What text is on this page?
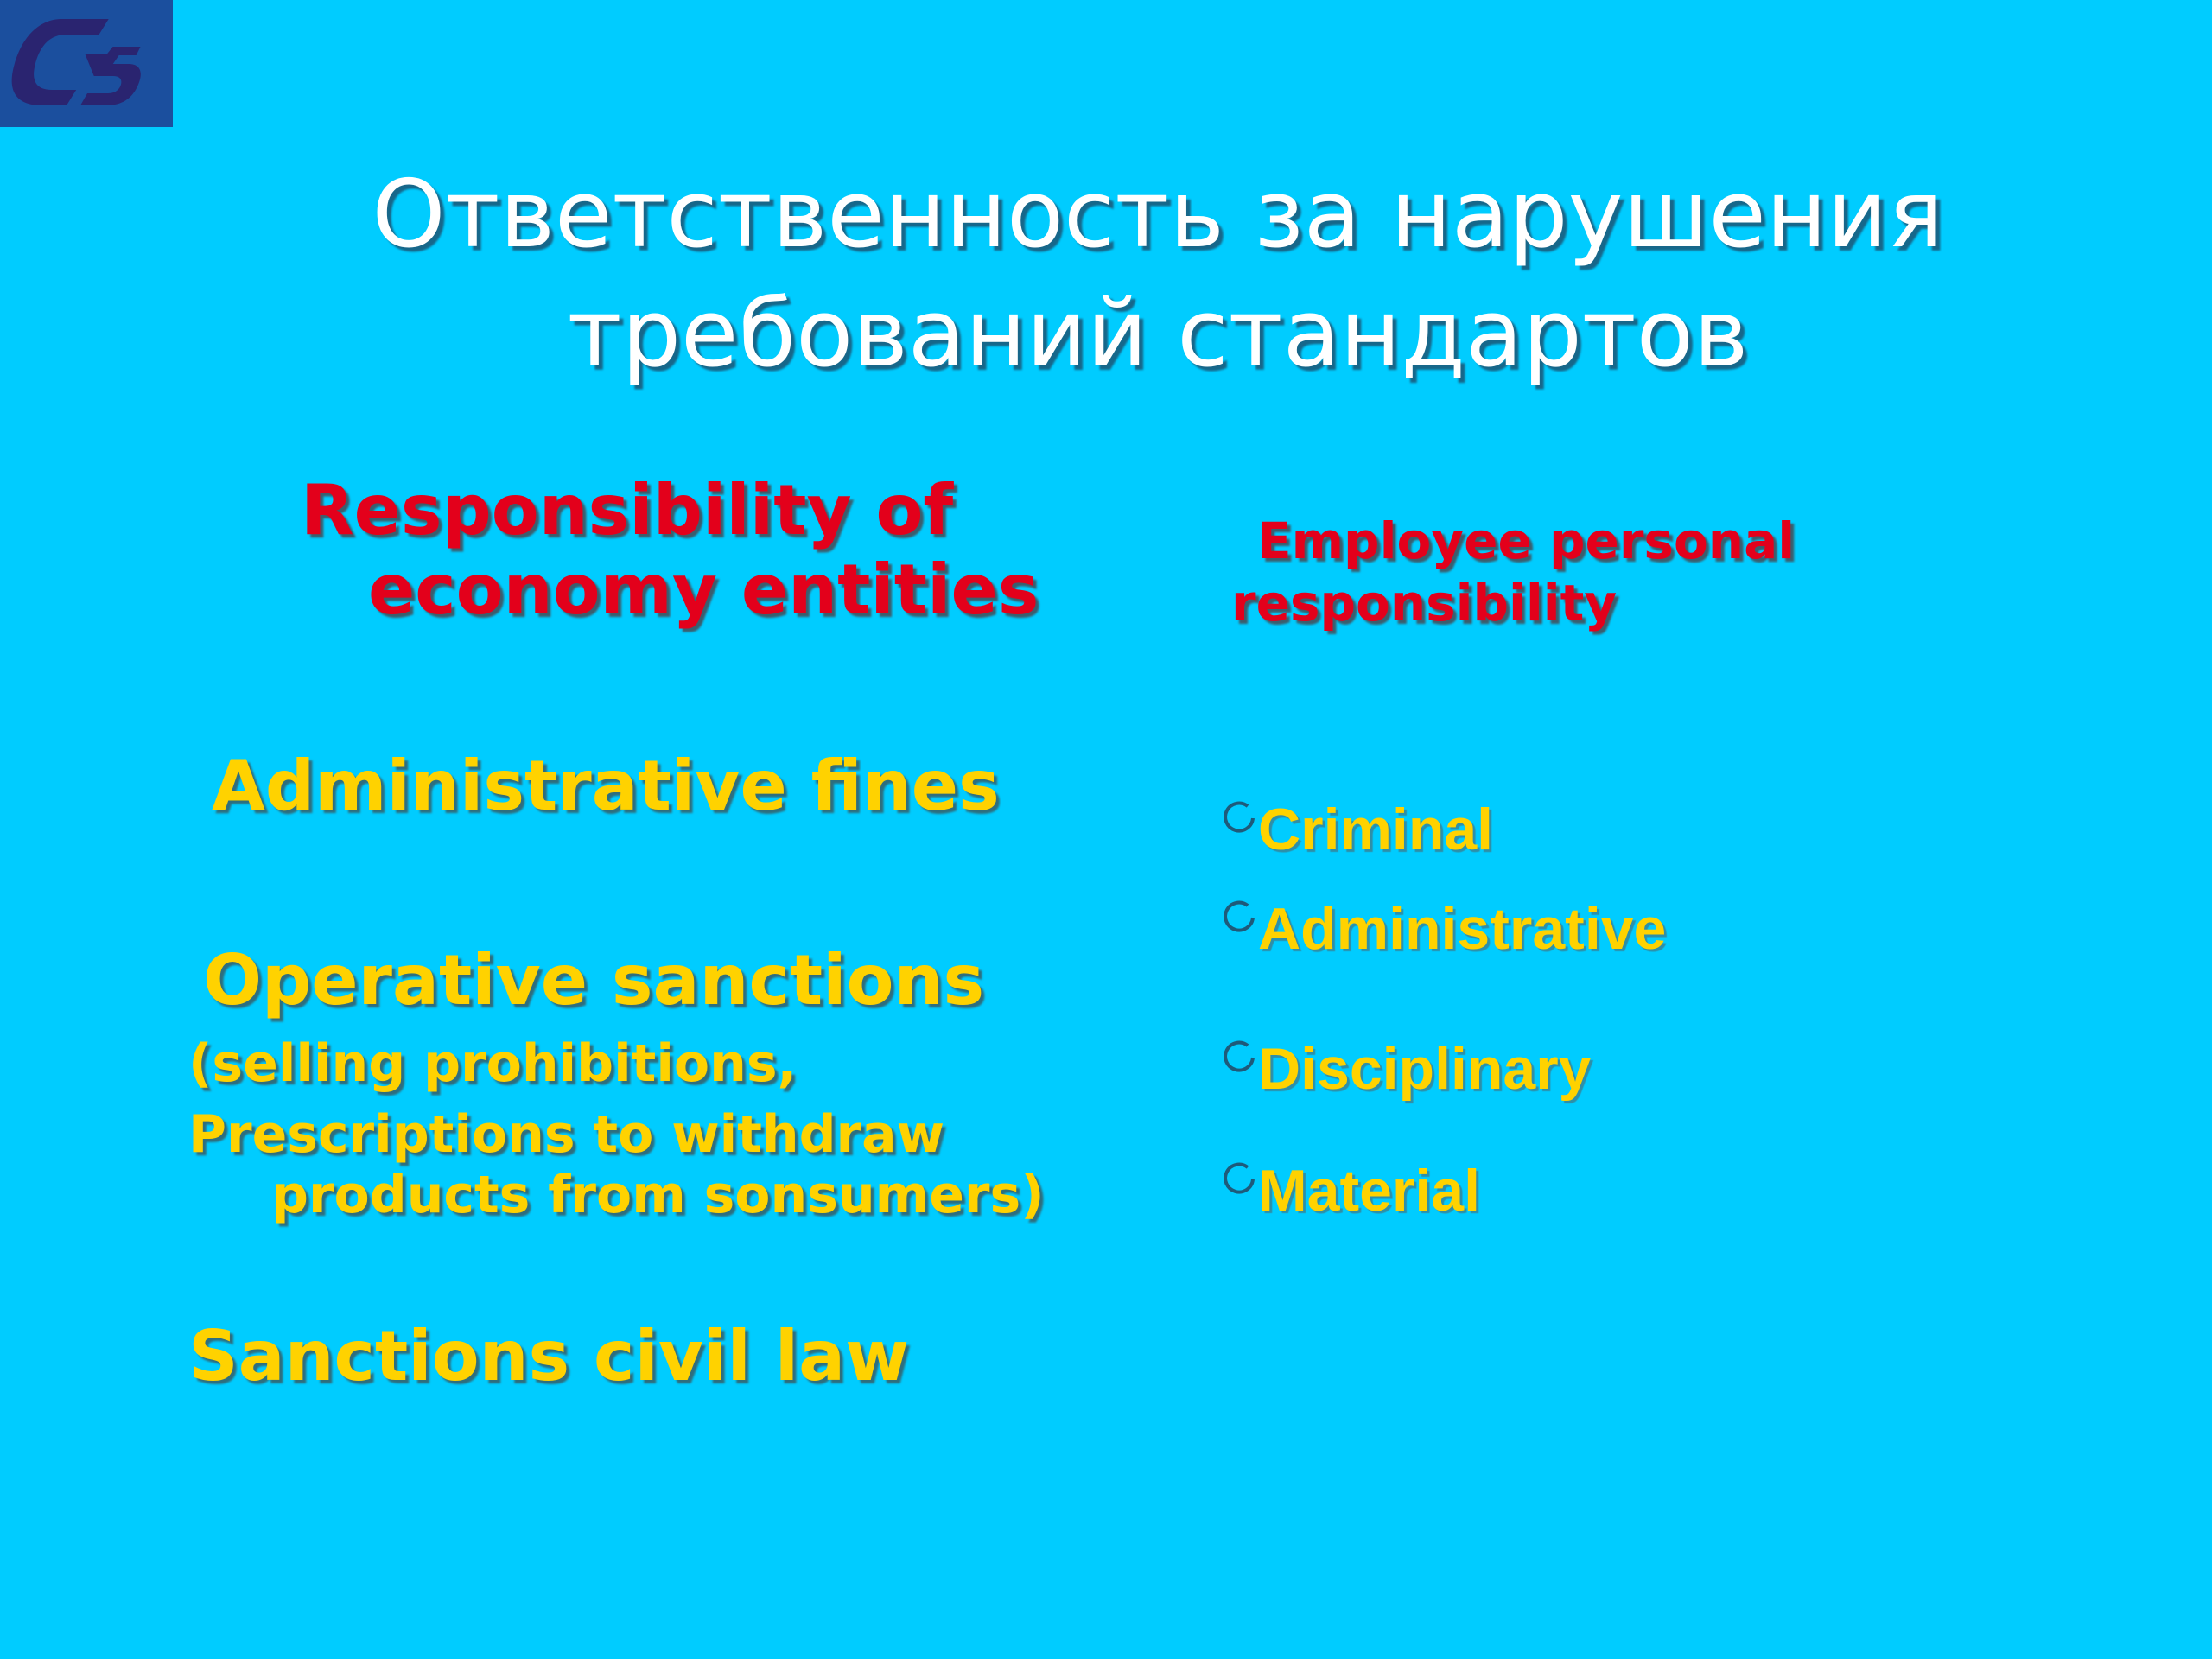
Ответственность за нарушения
требований стандартов
Responsibility of
economy entities
Employee personal
responsibility
Administrative fines
Operative sanctions
(selling prohibitions,
Prescriptions to withdraw
products from sonsumers)
Sanctions civil law
Criminal
Administrative
Disciplinary
Material
